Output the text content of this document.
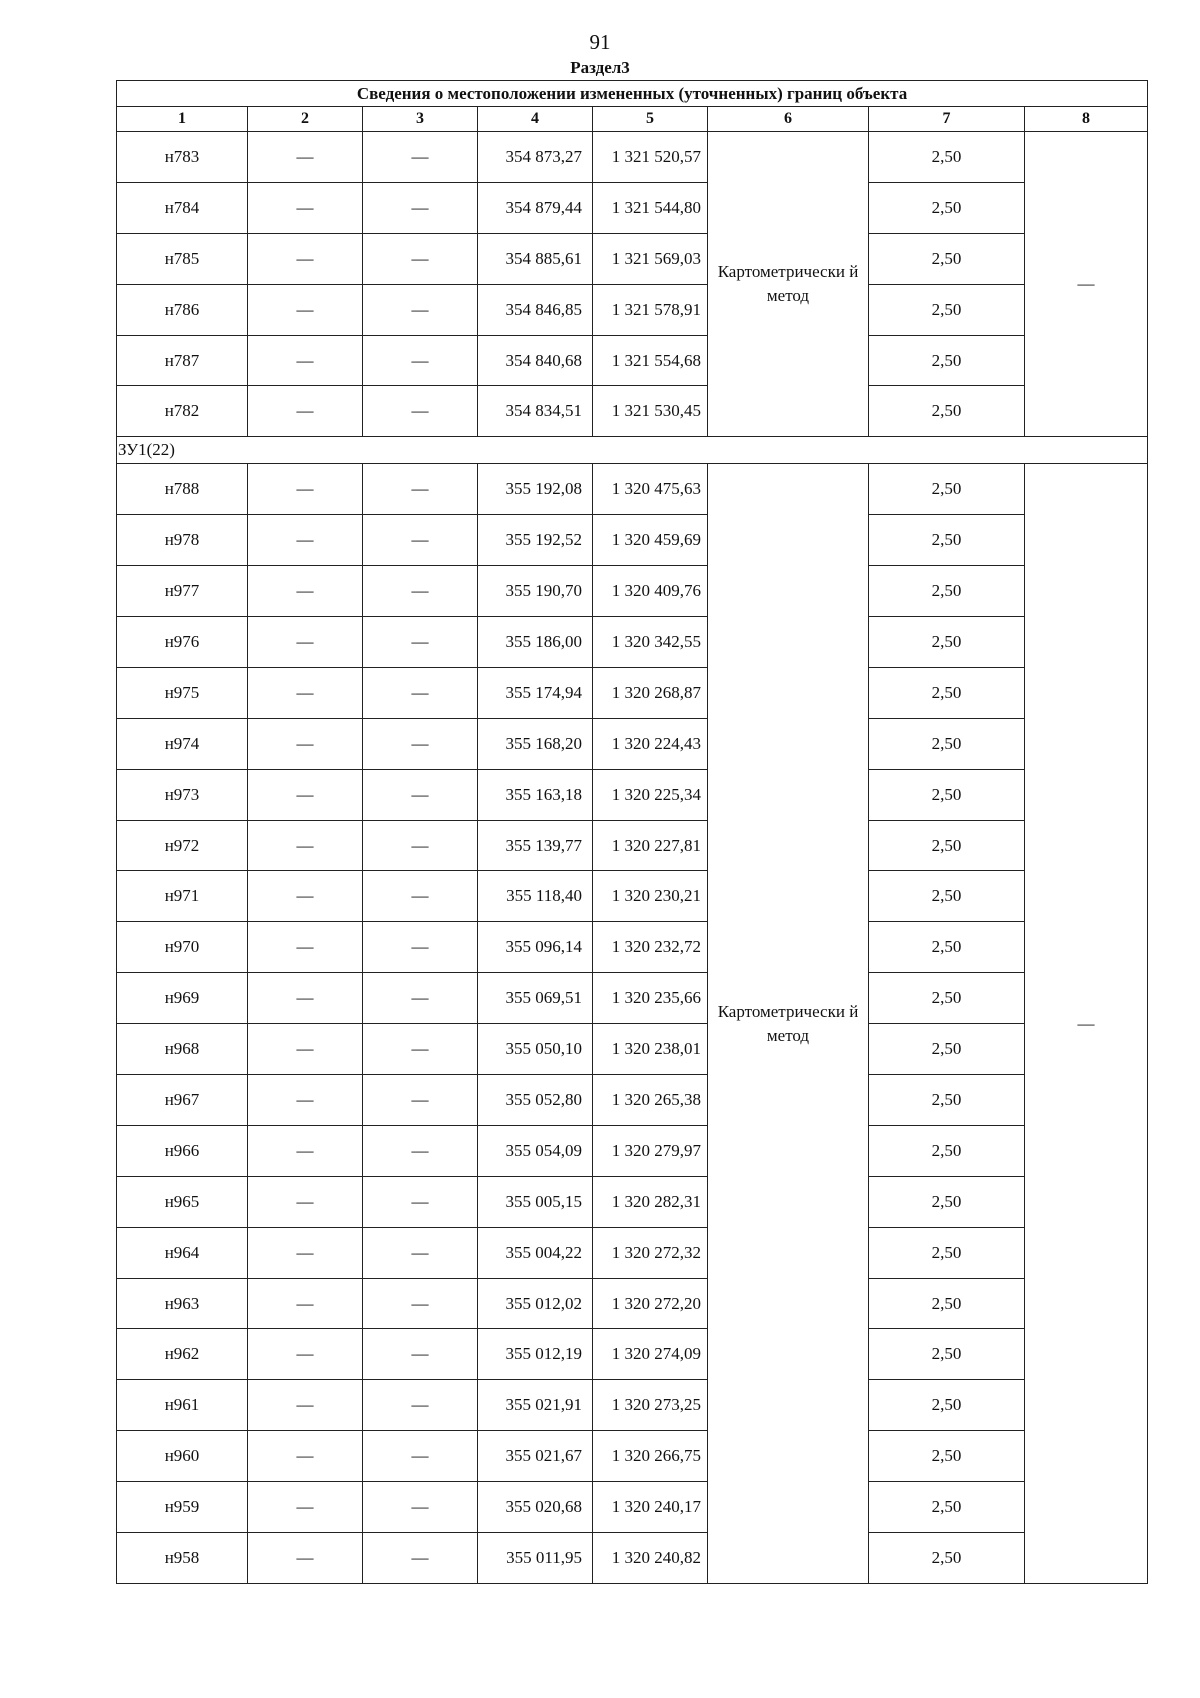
91
Раздел3
Сведения о местоположении измененных (уточненных) границ объекта							
1	2	3	4	5	6	7	8
н783	—	—	354 873,27	1 321 520,57	Картометрически й метод	2,50	—
н784	—	—	354 879,44	1 321 544,80		2,50	
н785	—	—	354 885,61	1 321 569,03		2,50	
н786	—	—	354 846,85	1 321 578,91		2,50	
н787	—	—	354 840,68	1 321 554,68		2,50	
н782	—	—	354 834,51	1 321 530,45		2,50	
ЗУ1(22)							
н788	—	—	355 192,08	1 320 475,63	Картометрически й метод	2,50	—
н978	—	—	355 192,52	1 320 459,69		2,50	
н977	—	—	355 190,70	1 320 409,76		2,50	
н976	—	—	355 186,00	1 320 342,55		2,50	
н975	—	—	355 174,94	1 320 268,87		2,50	
н974	—	—	355 168,20	1 320 224,43		2,50	
н973	—	—	355 163,18	1 320 225,34		2,50	
н972	—	—	355 139,77	1 320 227,81		2,50	
н971	—	—	355 118,40	1 320 230,21		2,50	
н970	—	—	355 096,14	1 320 232,72		2,50	
н969	—	—	355 069,51	1 320 235,66		2,50	
н968	—	—	355 050,10	1 320 238,01		2,50	
н967	—	—	355 052,80	1 320 265,38		2,50	
н966	—	—	355 054,09	1 320 279,97		2,50	
н965	—	—	355 005,15	1 320 282,31		2,50	
н964	—	—	355 004,22	1 320 272,32		2,50	
н963	—	—	355 012,02	1 320 272,20		2,50	
н962	—	—	355 012,19	1 320 274,09		2,50	
н961	—	—	355 021,91	1 320 273,25		2,50	
н960	—	—	355 021,67	1 320 266,75		2,50	
н959	—	—	355 020,68	1 320 240,17		2,50	
н958	—	—	355 011,95	1 320 240,82		2,50	
